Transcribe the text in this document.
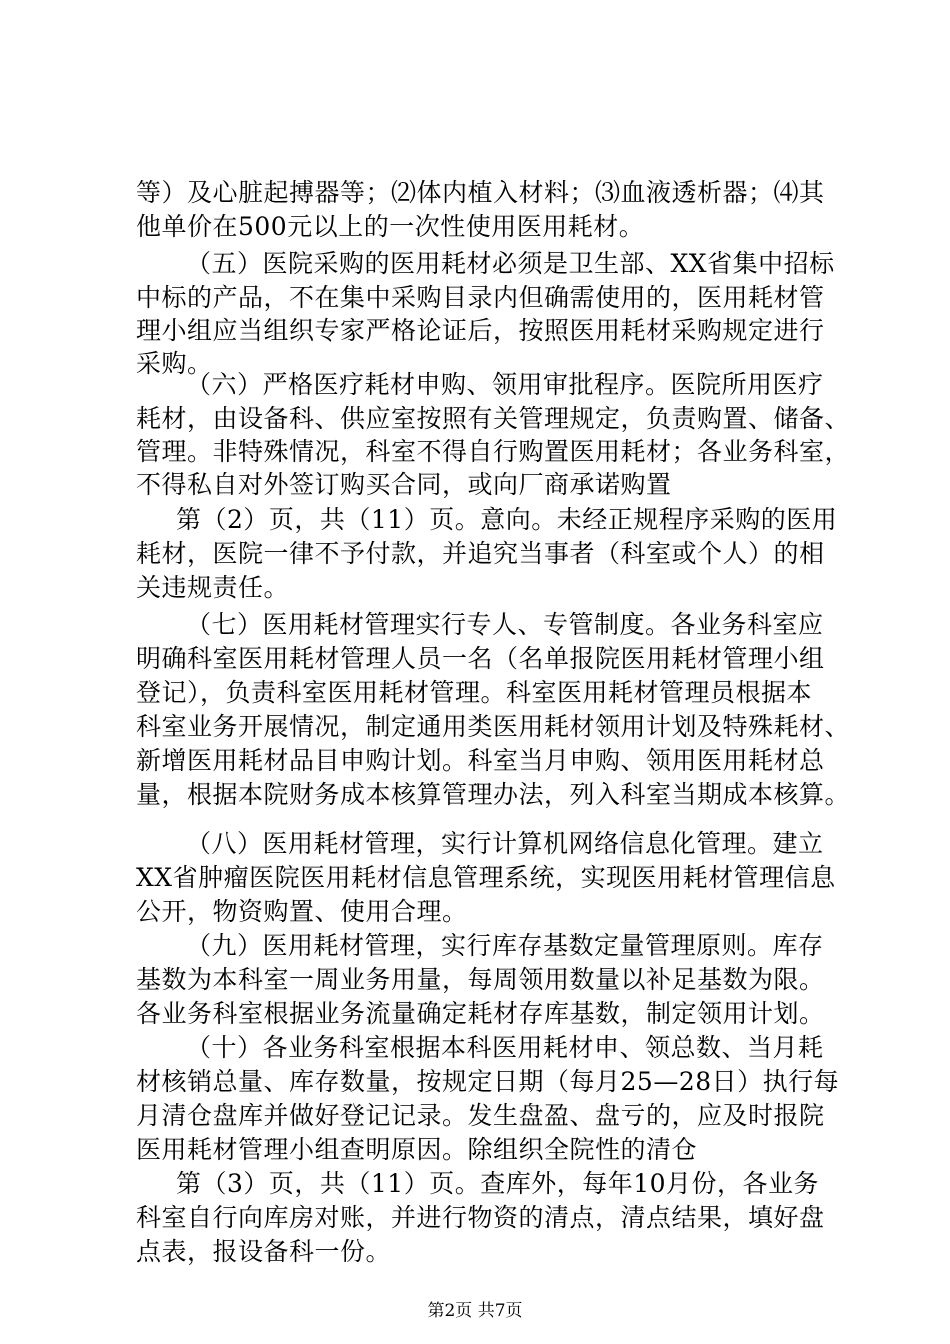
等）及心脏起搏器等；⑵体内植入材料；⑶血液透析器；⑷其
他单价在500元以上的一次性使用医用耗材。
（五）医院采购的医用耗材必须是卫生部、XX省集中招标
中标的产品，不在集中采购目录内但确需使用的，医用耗材管
理小组应当组织专家严格论证后，按照医用耗材采购规定进行
采购。
（六）严格医疗耗材申购、领用审批程序。医院所用医疗
耗材，由设备科、供应室按照有关管理规定，负责购置、储备、
管理。非特殊情况，科室不得自行购置医用耗材；各业务科室，
不得私自对外签订购买合同，或向厂商承诺购置
第（2）页，共（11）页。意向。未经正规程序采购的医用
耗材，医院一律不予付款，并追究当事者（科室或个人）的相
关违规责任。
（七）医用耗材管理实行专人、专管制度。各业务科室应
明确科室医用耗材管理人员一名（名单报院医用耗材管理小组
登记），负责科室医用耗材管理。科室医用耗材管理员根据本
科室业务开展情况，制定通用类医用耗材领用计划及特殊耗材、
新增医用耗材品目申购计划。科室当月申购、领用医用耗材总
量，根据本院财务成本核算管理办法，列入科室当期成本核算。
（八）医用耗材管理，实行计算机网络信息化管理。建立
XX省肿瘤医院医用耗材信息管理系统，实现医用耗材管理信息
公开，物资购置、使用合理。
（九）医用耗材管理，实行库存基数定量管理原则。库存
基数为本科室一周业务用量，每周领用数量以补足基数为限。
各业务科室根据业务流量确定耗材存库基数，制定领用计划。
（十）各业务科室根据本科医用耗材申、领总数、当月耗
材核销总量、库存数量，按规定日期（每月25—28日）执行每
月清仓盘库并做好登记记录。发生盘盈、盘亏的，应及时报院
医用耗材管理小组查明原因。除组织全院性的清仓
第（3）页，共（11）页。查库外，每年10月份，各业务
科室自行向库房对账，并进行物资的清点，清点结果，填好盘
点表，报设备科一份。
第2页 共7页
